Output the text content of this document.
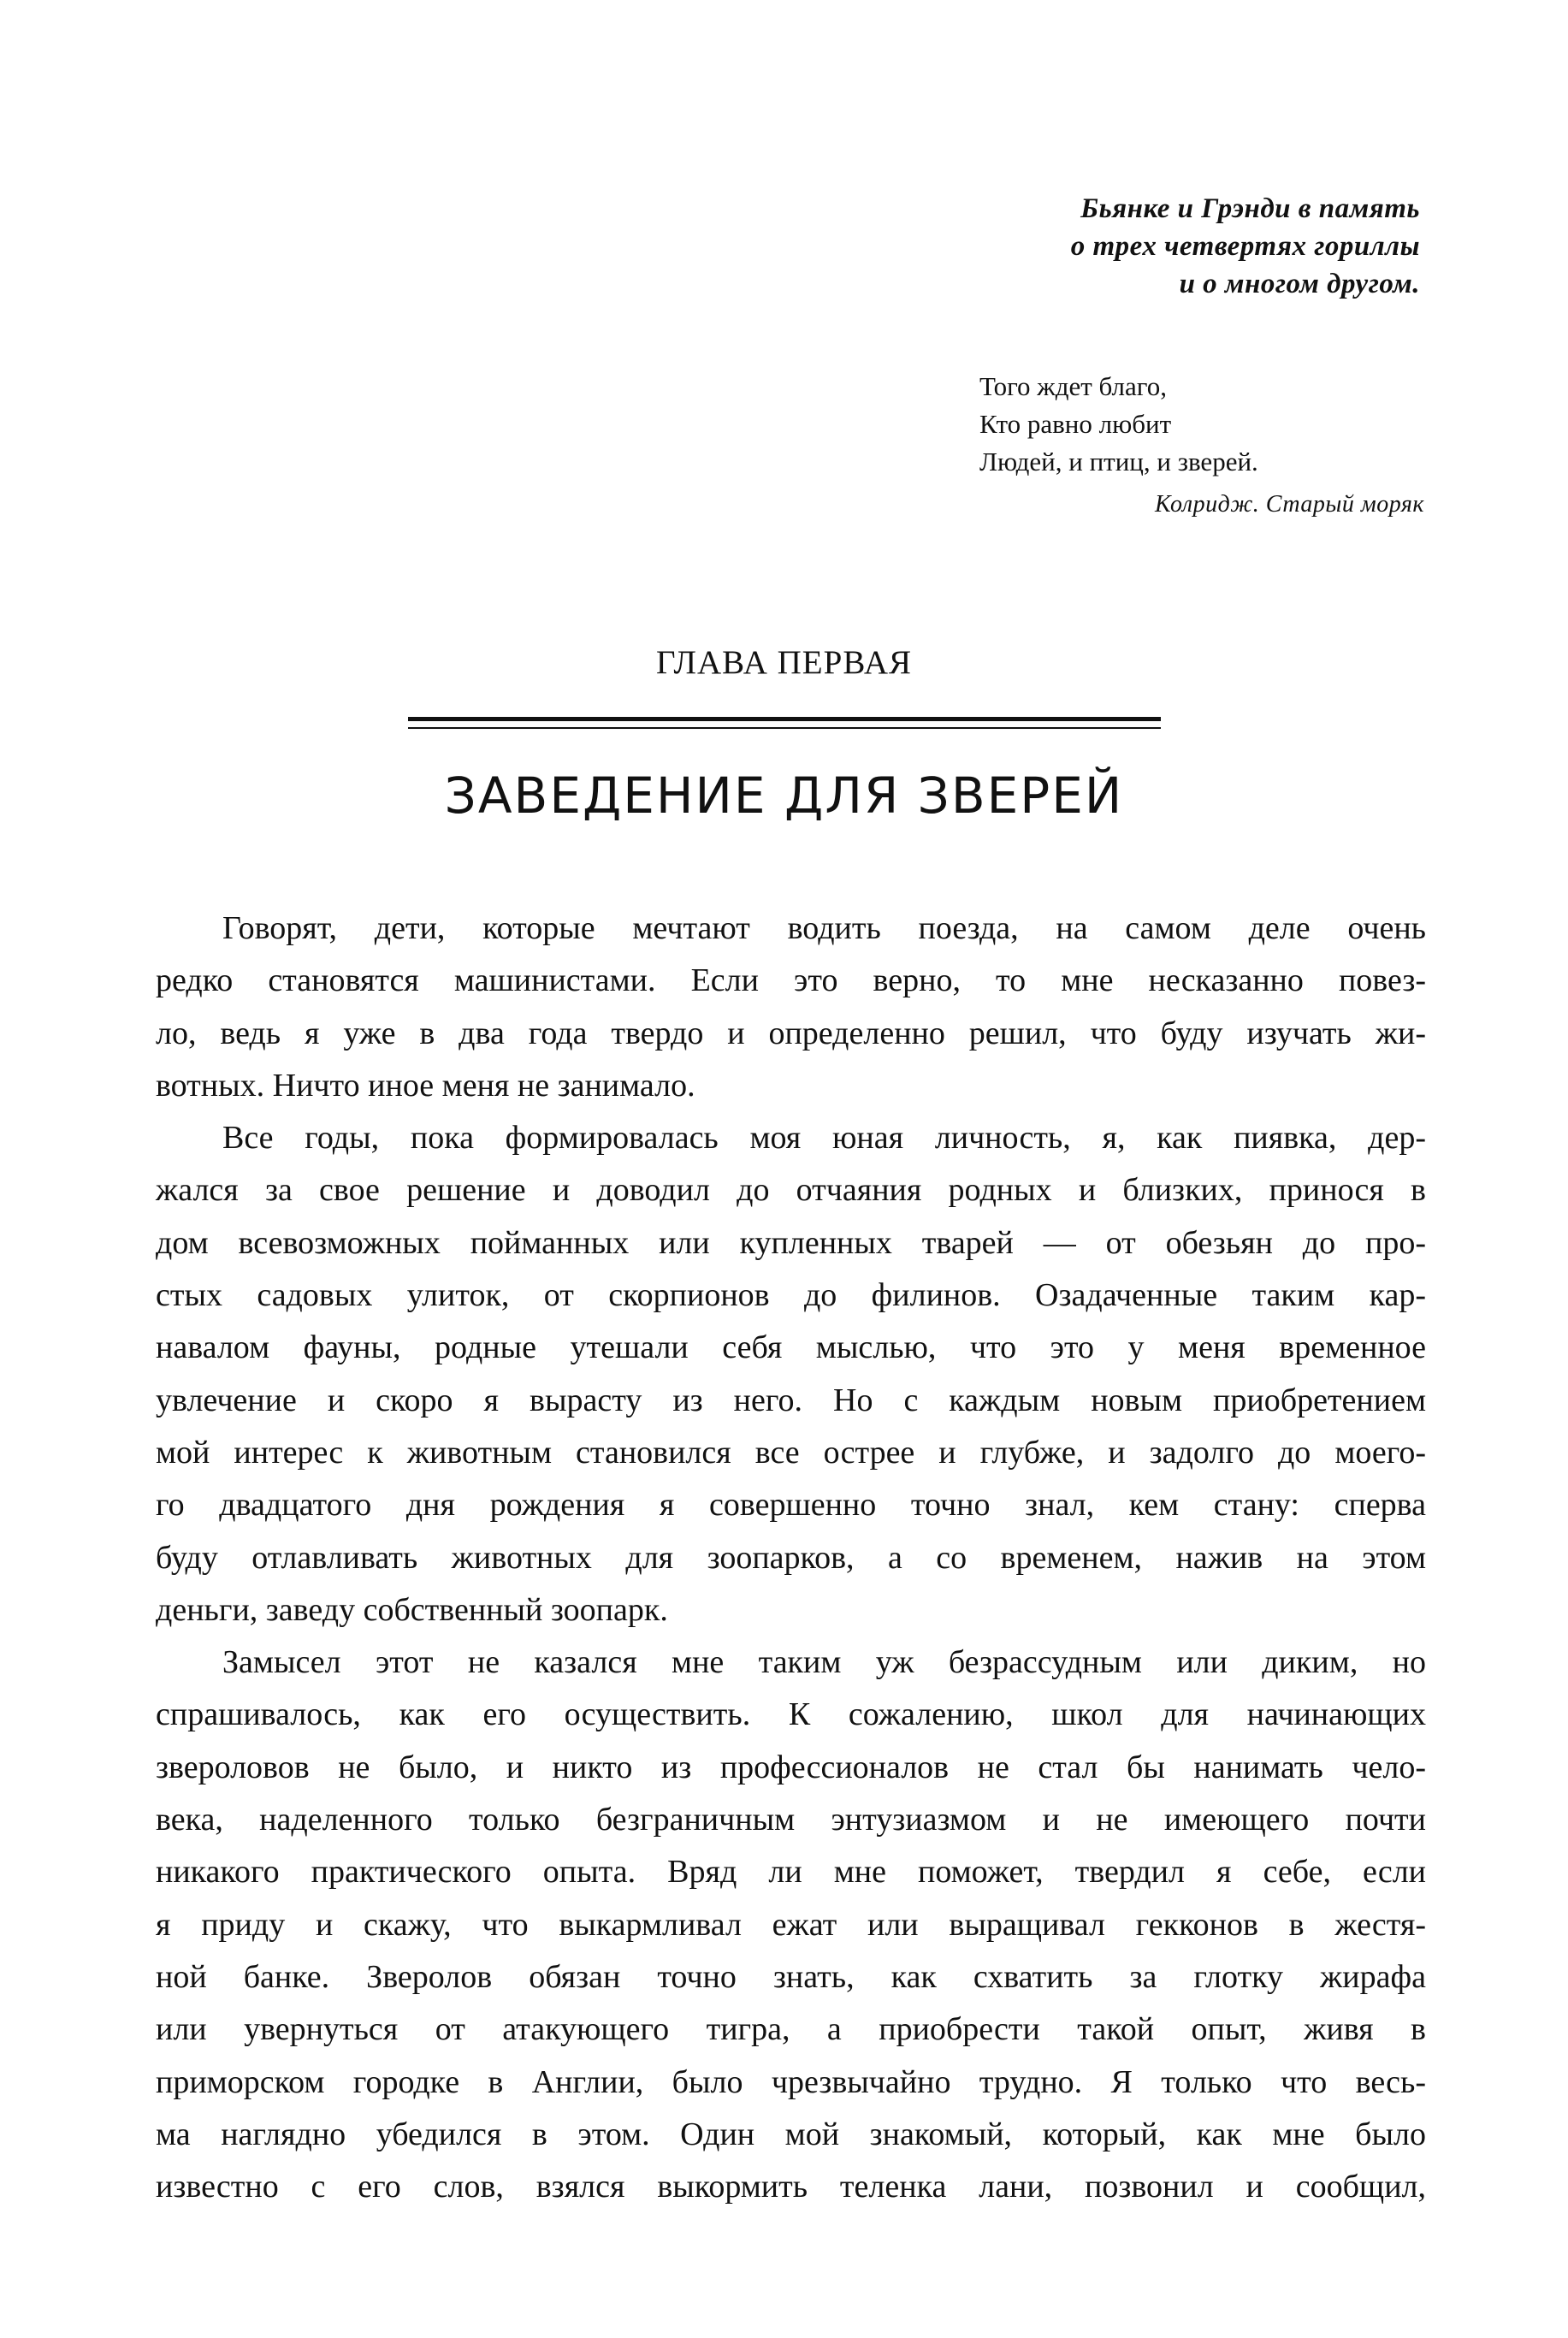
Бьянке и Грэнди в память
о трех четвертях гориллы
и о многом другом.
Того ждет благо,
Кто равно любит
Людей, и птиц, и зверей.
Колридж. Старый моряк
ГЛАВА ПЕРВАЯ
ЗАВЕДЕНИЕ ДЛЯ ЗВЕРЕЙ
Говорят, дети, которые мечтают водить поезда, на самом деле очень
редко становятся машинистами. Если это верно, то мне несказанно повез-
ло, ведь я уже в два года твердо и определенно решил, что буду изучать жи-
вотных. Ничто иное меня не занимало.
Все годы, пока формировалась моя юная личность, я, как пиявка, дер-
жался за свое решение и доводил до отчаяния родных и близких, принося в
дом всевозможных пойманных или купленных тварей — от обезьян до про-
стых садовых улиток, от скорпионов до филинов. Озадаченные таким кар-
навалом фауны, родные утешали себя мыслью, что это у меня временное
увлечение и скоро я вырасту из него. Но с каждым новым приобретением
мой интерес к животным становился все острее и глубже, и задолго до моего-
го двадцатого дня рождения я совершенно точно знал, кем стану: сперва
буду отлавливать животных для зоопарков, а со временем, нажив на этом
деньги, заведу собственный зоопарк.
Замысел этот не казался мне таким уж безрассудным или диким, но
спрашивалось, как его осуществить. К сожалению, школ для начинающих
звероловов не было, и никто из профессионалов не стал бы нанимать чело-
века, наделенного только безграничным энтузиазмом и не имеющего почти
никакого практического опыта. Вряд ли мне поможет, твердил я себе, если
я приду и скажу, что выкармливал ежат или выращивал гекконов в жестя-
ной банке. Зверолов обязан точно знать, как схватить за глотку жирафа
или увернуться от атакующего тигра, а приобрести такой опыт, живя в
приморском городке в Англии, было чрезвычайно трудно. Я только что весь-
ма наглядно убедился в этом. Один мой знакомый, который, как мне было
известно с его слов, взялся выкормить теленка лани, позвонил и сообщил,
